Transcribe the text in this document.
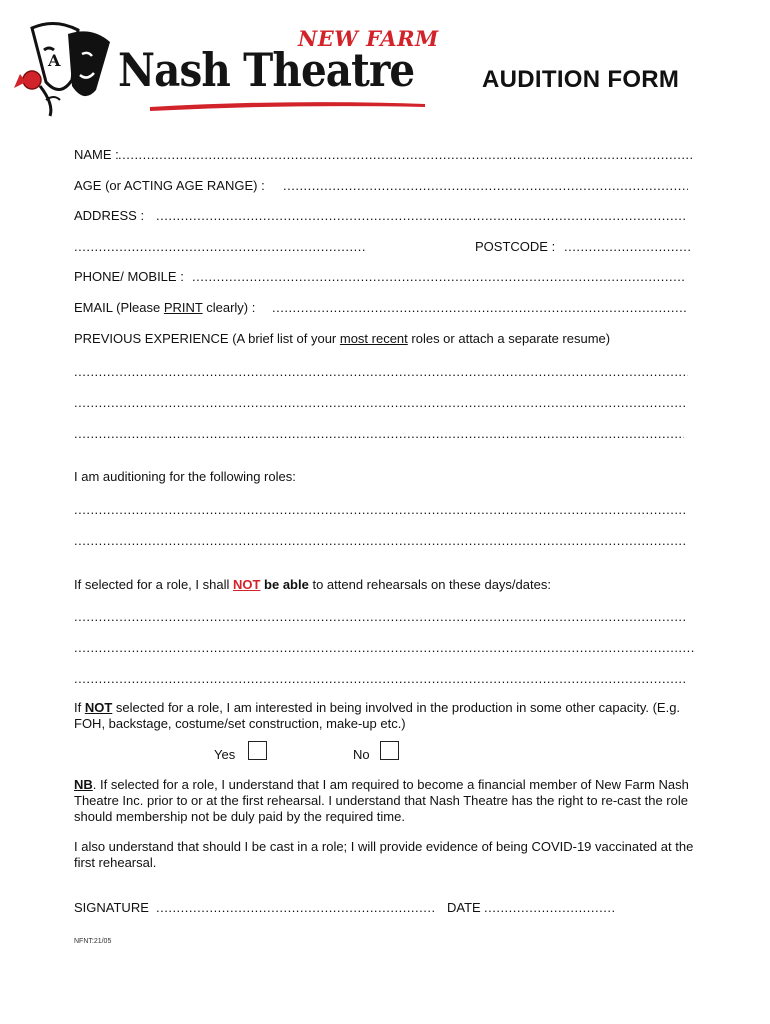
A
NEW FARM
Nash Theatre	AUDITION FORM
NAME :
.....
AGE (or ACTING AGE RANGE) :
.....
ADDRESS :
.....
.....
POSTCODE :
.....
PHONE/ MOBILE :
.....
EMAIL (Please PRINT clearly) :
.....
PREVIOUS EXPERIENCE (A brief list of your most recent roles or attach a separate resume)
.....
.....
.....
I am auditioning for the following roles:
.....
.....
If selected for a role, I shall NOT be able to attend rehearsals on these days/dates:
.....
.....
.....
If NOT selected for a role, I am interested in being involved in the production in some other capacity. (E.g. FOH, backstage, costume/set construction, make-up etc.)
Yes	No
NB. If selected for a role, I understand that I am required to become a financial member of New Farm Nash Theatre Inc. prior to or at the first rehearsal. I understand that Nash Theatre has the right to re-cast the role should membership not be duly paid by the required time.
I also understand that should I be cast in a role; I will provide evidence of being COVID-19 vaccinated at the first rehearsal.
SIGNATURE
.....	DATE
.....
NFNT:21/05
